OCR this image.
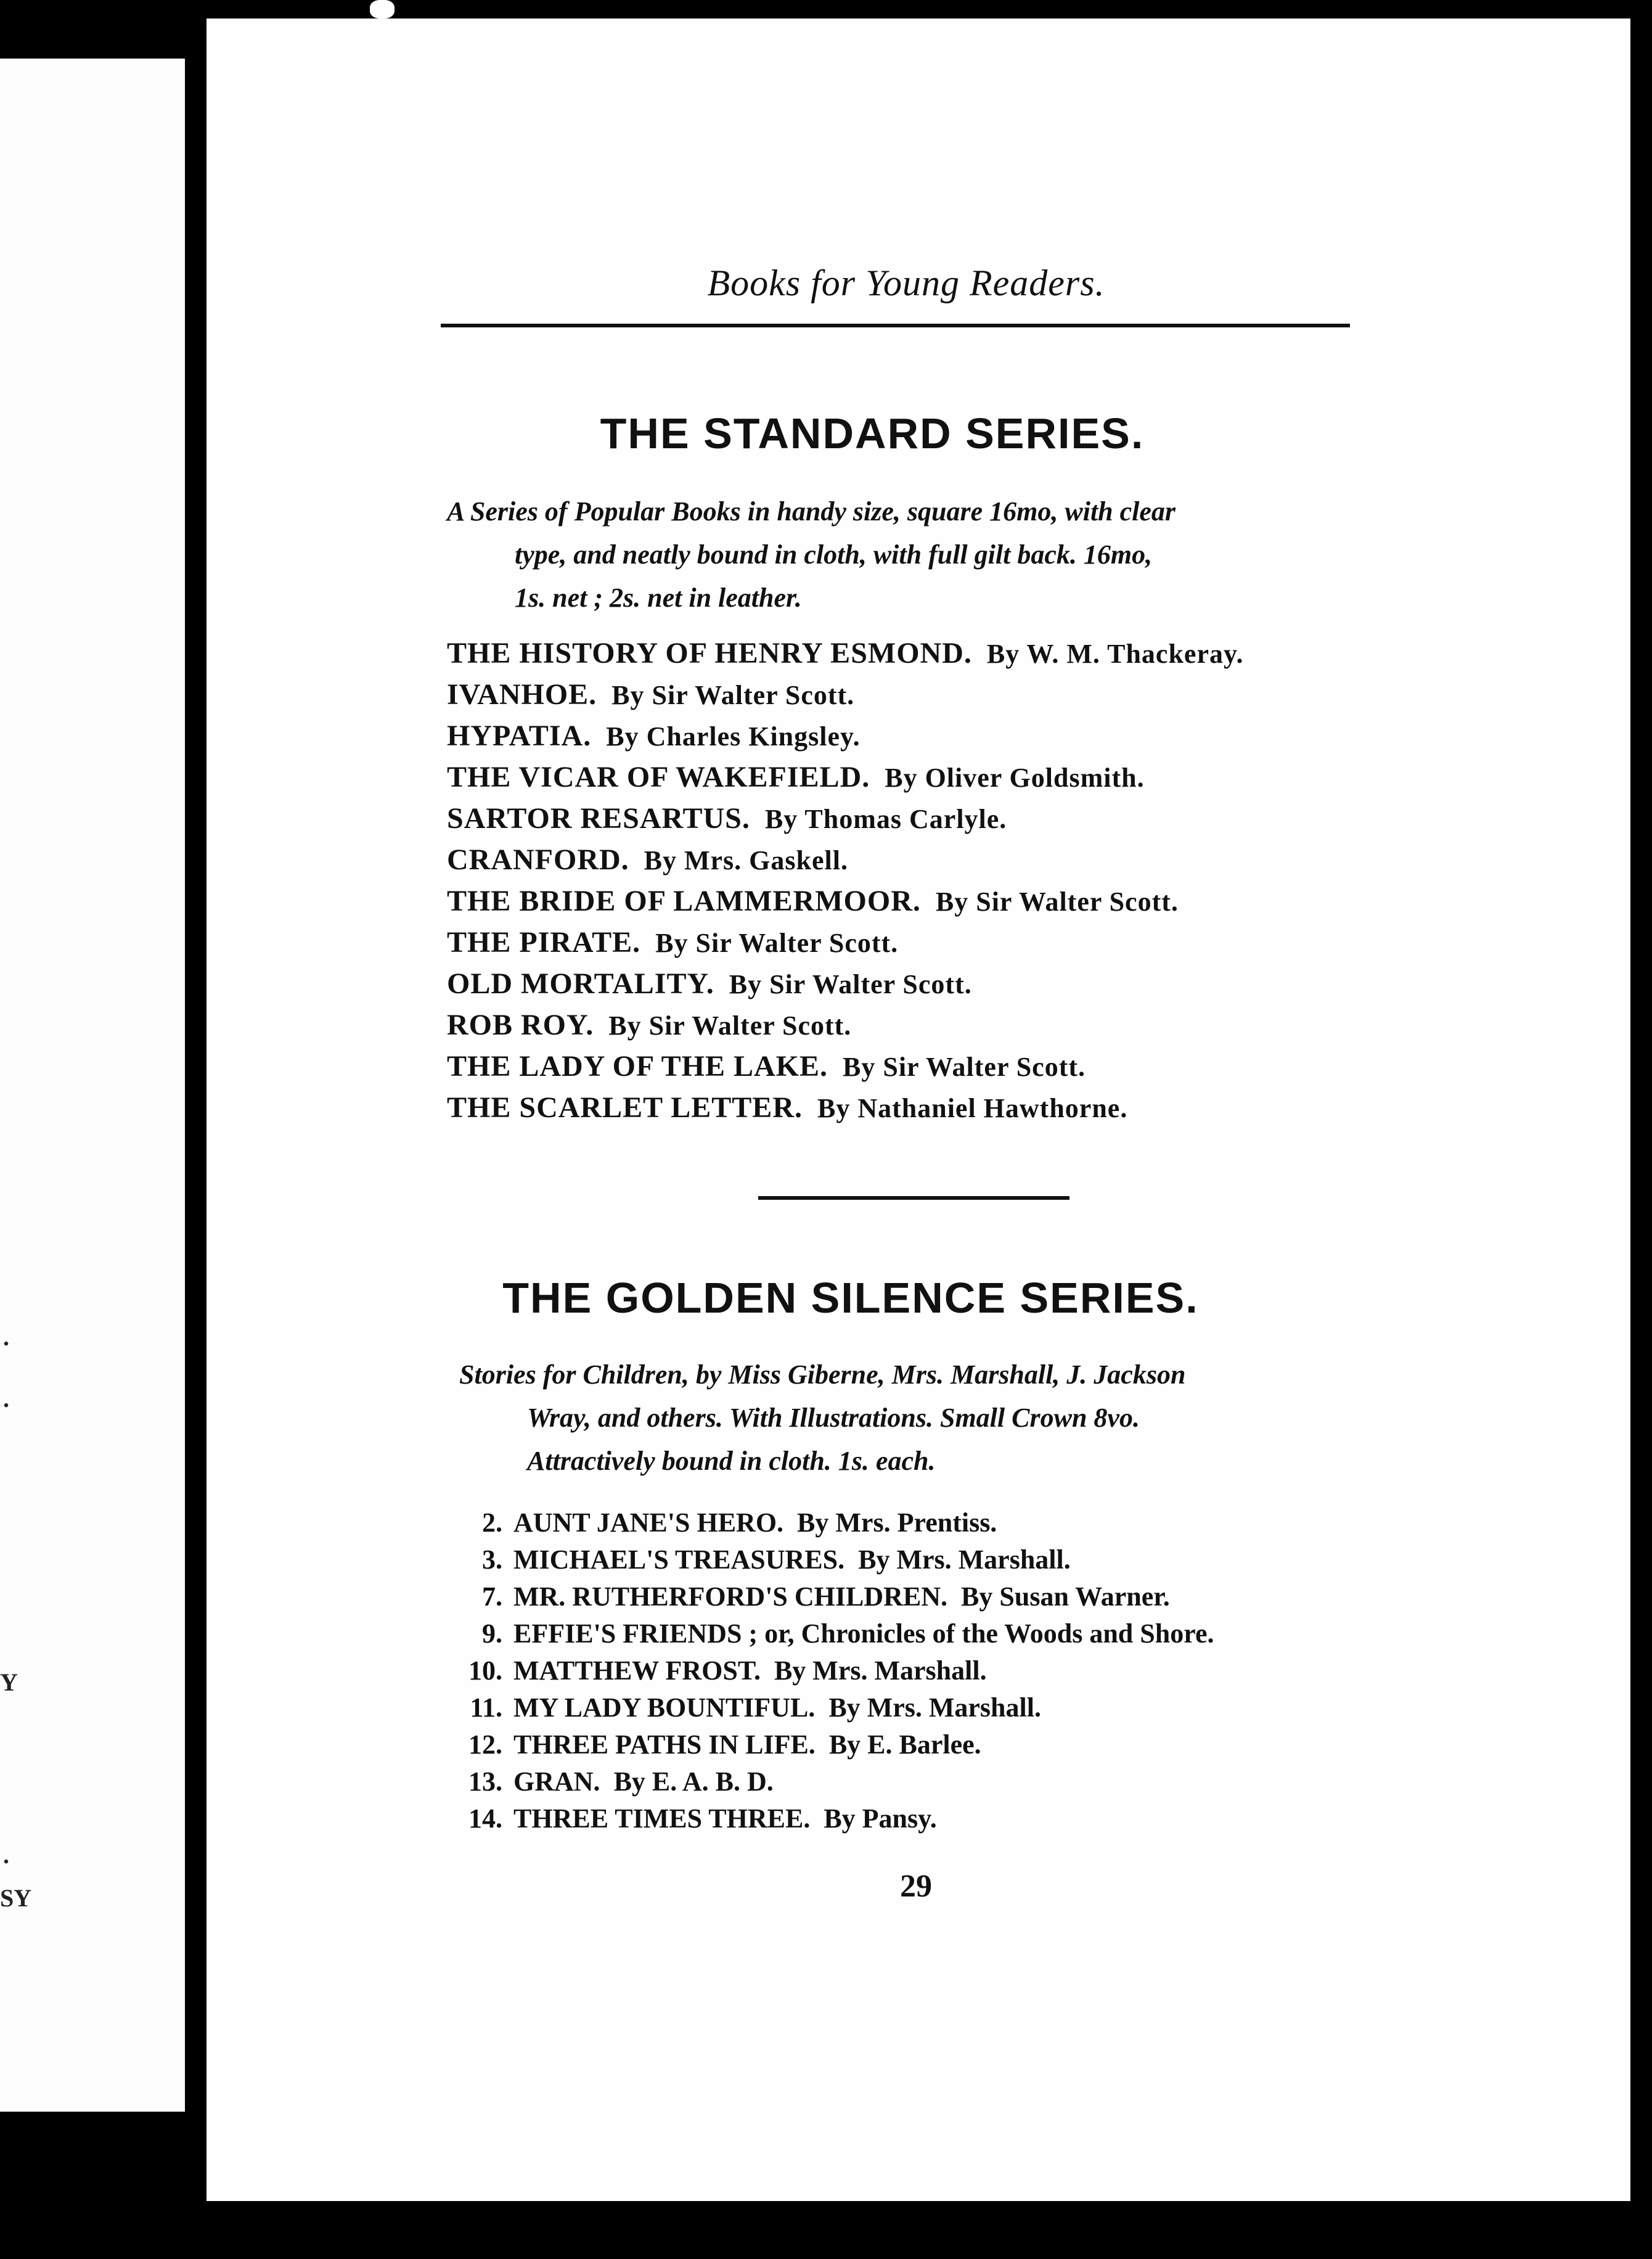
.
.
Y
.
SY
Books for Young Readers.
THE STANDARD SERIES.
A Series of Popular Books in handy size, square 16mo, with clear
type, and neatly bound in cloth, with full gilt back. 16mo,
1s. net ; 2s. net in leather.
THE HISTORY OF HENRY ESMOND. By W. M. Thackeray.
IVANHOE. By Sir Walter Scott.
HYPATIA. By Charles Kingsley.
THE VICAR OF WAKEFIELD. By Oliver Goldsmith.
SARTOR RESARTUS. By Thomas Carlyle.
CRANFORD. By Mrs. Gaskell.
THE BRIDE OF LAMMERMOOR. By Sir Walter Scott.
THE PIRATE. By Sir Walter Scott.
OLD MORTALITY. By Sir Walter Scott.
ROB ROY. By Sir Walter Scott.
THE LADY OF THE LAKE. By Sir Walter Scott.
THE SCARLET LETTER. By Nathaniel Hawthorne.
THE GOLDEN SILENCE SERIES.
Stories for Children, by Miss Giberne, Mrs. Marshall, J. Jackson
Wray, and others. With Illustrations. Small Crown 8vo.
Attractively bound in cloth. 1s. each.
2. AUNT JANE'S HERO. By Mrs. Prentiss.
3. MICHAEL'S TREASURES. By Mrs. Marshall.
7. MR. RUTHERFORD'S CHILDREN. By Susan Warner.
9. EFFIE'S FRIENDS ; or, Chronicles of the Woods and Shore.
10. MATTHEW FROST. By Mrs. Marshall.
11. MY LADY BOUNTIFUL. By Mrs. Marshall.
12. THREE PATHS IN LIFE. By E. Barlee.
13. GRAN. By E. A. B. D.
14. THREE TIMES THREE. By Pansy.
29
